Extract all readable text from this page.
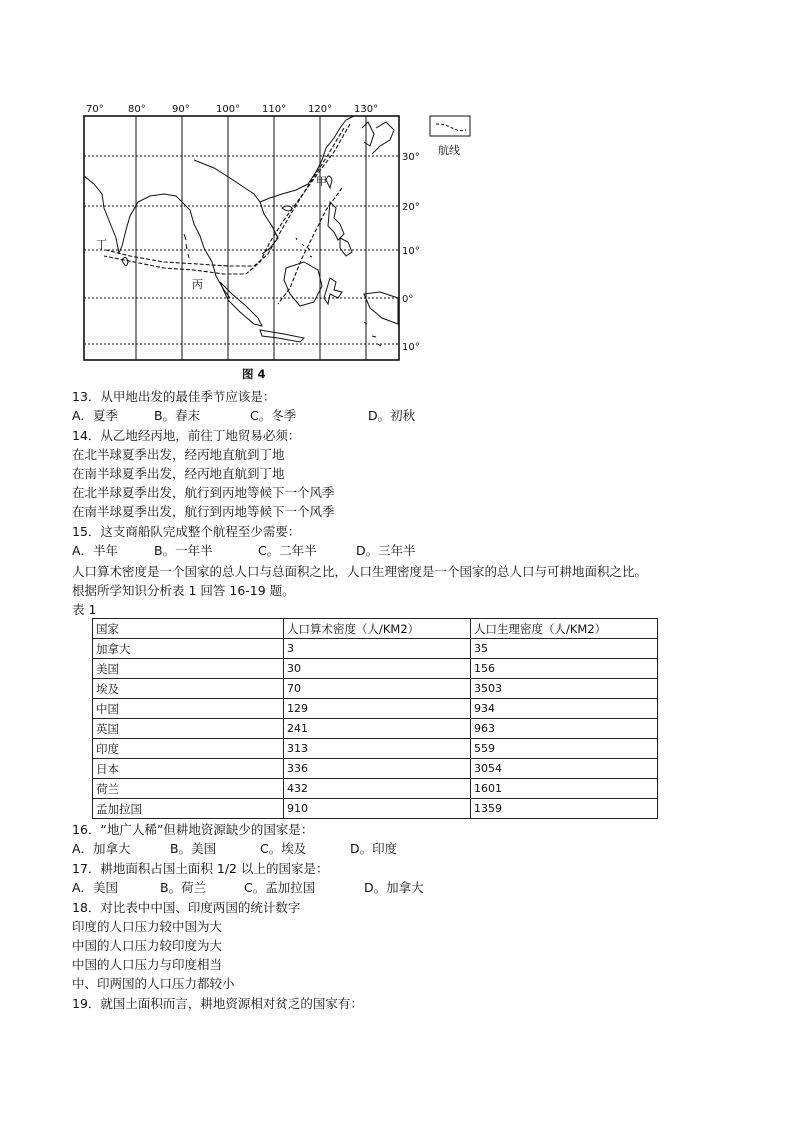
70° 80°	90°	100° 110° 120° 130°
30°
20°
10°
0°
10°
甲
丁
丙
航线
图 4
13．从甲地出发的最佳季节应该是：
A．夏季	B。春末	C。冬季	D。初秋
14．从乙地经丙地，前往丁地贸易必须：
在北半球夏季出发，经丙地直航到丁地
在南半球夏季出发，经丙地直航到丁地
在北半球夏季出发，航行到丙地等候下一个风季
在南半球夏季出发，航行到丙地等候下一个风季
15．这支商船队完成整个航程至少需要：
A．半年	B。一年半	C。二年半	D。三年半
人口算术密度是一个国家的总人口与总面积之比，人口生理密度是一个国家的总人口与可耕地面积之比。
根据所学知识分析表 1 回答 16-19 题。
表 1
国家	人口算术密度（人/KM2）	人口生理密度（人/KM2）
加拿大	3	35
美国	30	156
埃及	70	3503
中国	129	934
英国	241	963
印度	313	559
日本	336	3054
荷兰	432	1601
孟加拉国	910	1359
16．“地广人稀”但耕地资源缺少的国家是：
A．加拿大	B。美国	C。埃及	D。印度
17．耕地面积占国土面积 1/2 以上的国家是：
A．美国	B。荷兰	C。孟加拉国	D。加拿大
18．对比表中中国、印度两国的统计数字
印度的人口压力较中国为大
中国的人口压力较印度为大
中国的人口压力与印度相当
中、印两国的人口压力都较小
19．就国土面积而言，耕地资源相对贫乏的国家有：
